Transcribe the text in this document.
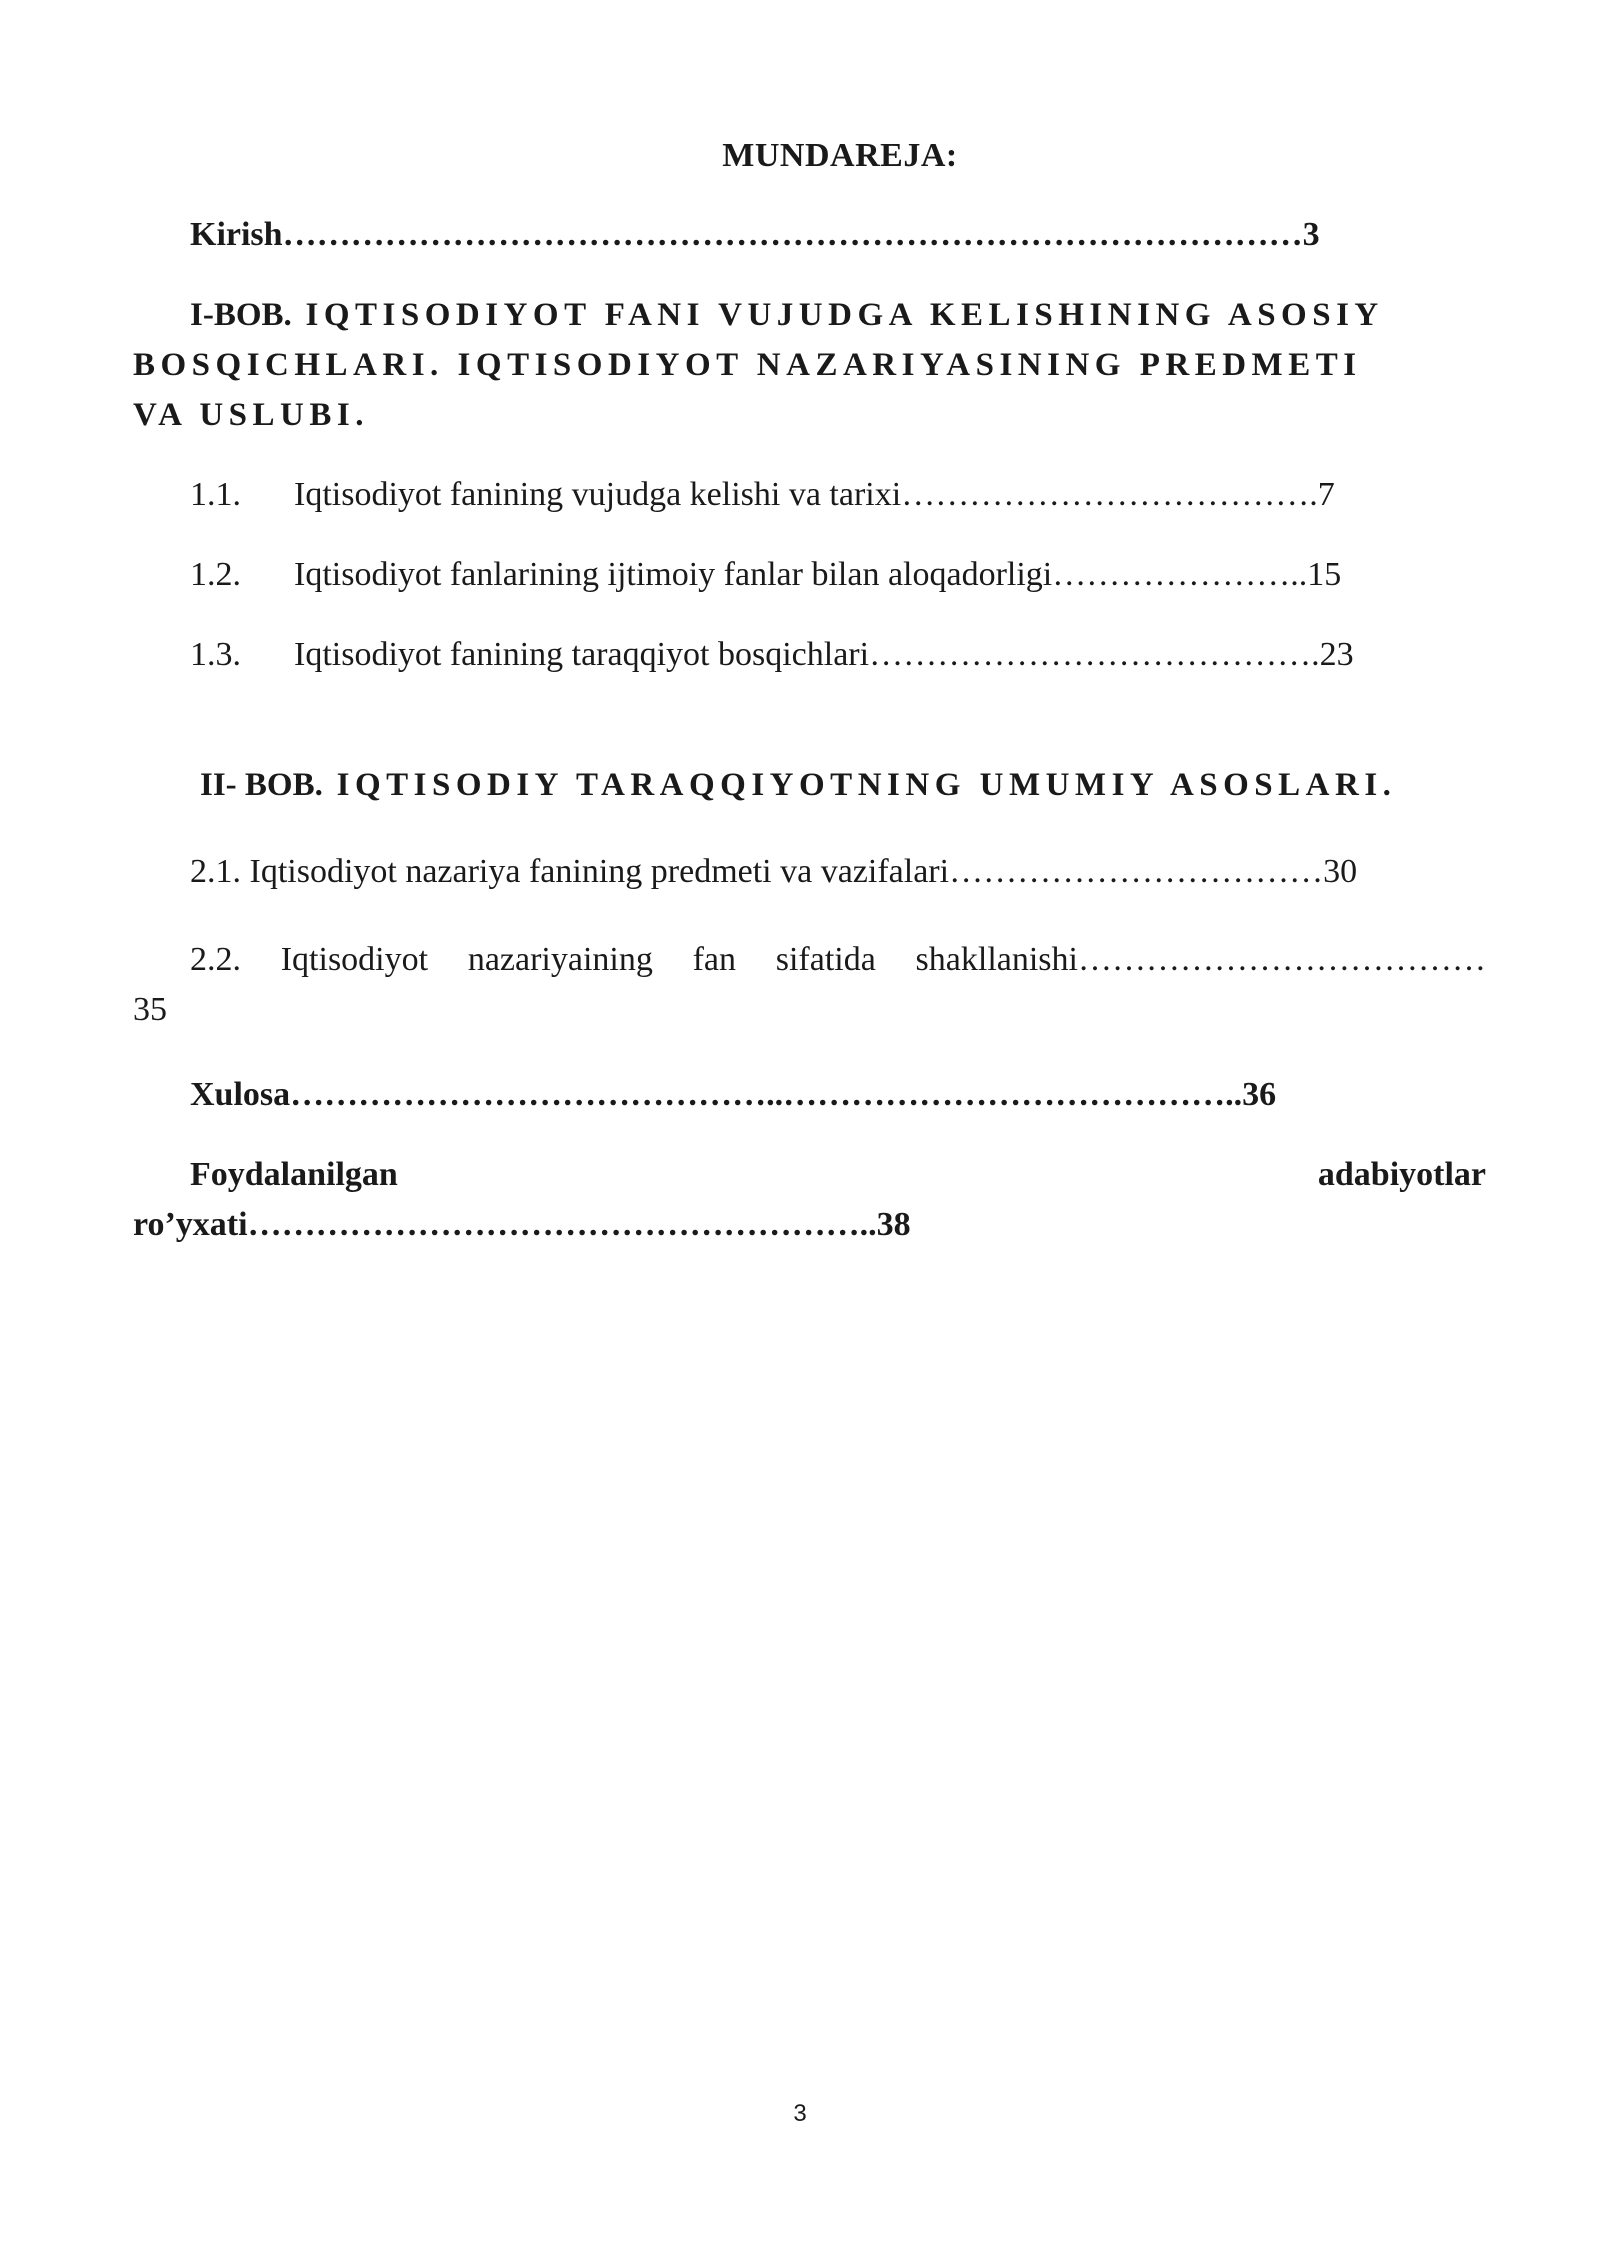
MUNDAREJA:
Kirish………………………………………………………………………………3
I-BOB. IQTISODIYOT FANI VUJUDGA KELISHINING ASOSIY
BOSQICHLARI. IQTISODIYOT NAZARIYASINING PREDMETI
VA USLUBI.
1.1. Iqtisodiyot fanining vujudga kelishi va tarixi……………………………….7
1.2. Iqtisodiyot fanlarining ijtimoiy fanlar bilan aloqadorligi…………………..15
1.3. Iqtisodiyot fanining taraqqiyot bosqichlari………………………………….23
II- BOB. IQTISODIY TARAQQIYOTNING UMUMIY ASOSLARI.
2.1. Iqtisodiyot nazariya fanining predmeti va vazifalari……………………………30
2.2. Iqtisodiyot nazariyaining fan sifatida shakllanishi………………………………
35
Xulosa……………………………………..…………………………………..36
Foydalanilgan	adabiyotlar
ro’yxati………………………………………………..38
3
